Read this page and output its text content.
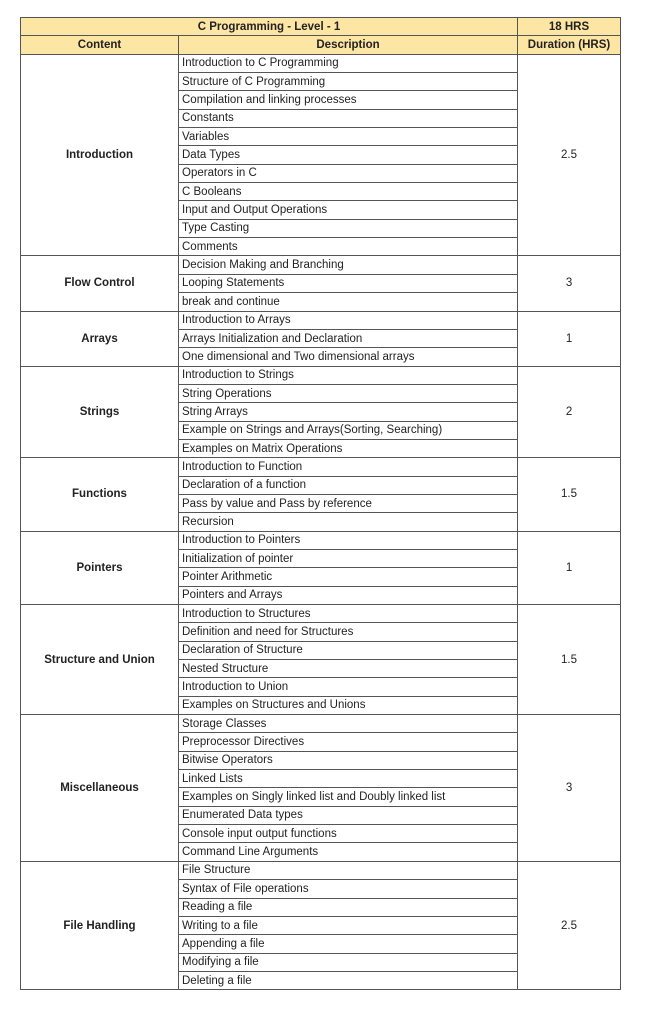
C Programming - Level - 1		18 HRS
Content	Description	Duration (HRS)
Introduction	Introduction to C Programming	2.5
	Structure of C Programming	
	Compilation and linking processes	
	Constants	
	Variables	
	Data Types	
	Operators in C	
	C Booleans	
	Input and Output Operations	
	Type Casting	
	Comments	
Flow Control	Decision Making and Branching	3
	Looping Statements	
	break and continue	
Arrays	Introduction to Arrays	1
	Arrays Initialization and Declaration	
	One dimensional and Two dimensional arrays	
Strings	Introduction to Strings	2
	String Operations	
	String Arrays	
	Example on Strings and Arrays(Sorting, Searching)	
	Examples on Matrix Operations	
Functions	Introduction to Function	1.5
	Declaration of a function	
	Pass by value and Pass by reference	
	Recursion	
Pointers	Introduction to Pointers	1
	Initialization of pointer	
	Pointer Arithmetic	
	Pointers and Arrays	
Structure and Union	Introduction to Structures	1.5
	Definition and need for Structures	
	Declaration of Structure	
	Nested Structure	
	Introduction to Union	
	Examples on Structures and Unions	
Miscellaneous	Storage Classes	3
	Preprocessor Directives	
	Bitwise Operators	
	Linked Lists	
	Examples on Singly linked list and Doubly linked list	
	Enumerated Data types	
	Console input output functions	
	Command Line Arguments	
File Handling	File Structure	2.5
	Syntax of File operations	
	Reading a file	
	Writing to a file	
	Appending a file	
	Modifying a file	
	Deleting a file	
